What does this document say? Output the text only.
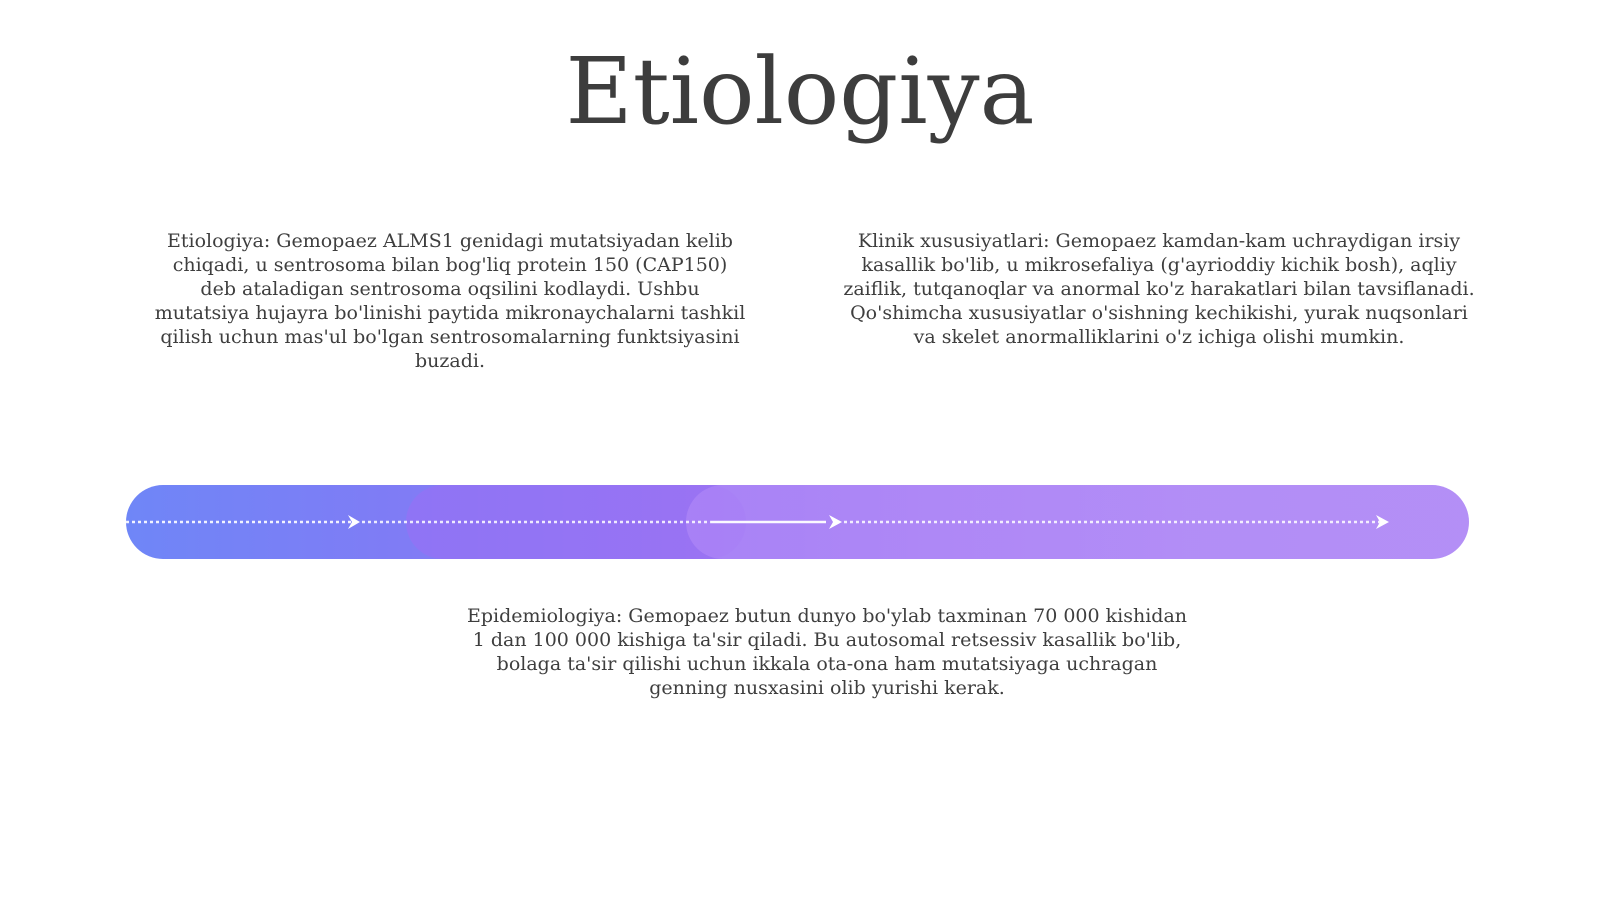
Etiologiya
Etiologiya: Gemopaez ALMS1 genidagi mutatsiyadan kelib chiqadi, u sentrosoma bilan bog'liq protein 150 (CAP150) deb ataladigan sentrosoma oqsilini kodlaydi. Ushbu mutatsiya hujayra bo'linishi paytida mikronaychalarni tashkil qilish uchun mas'ul bo'lgan sentrosomalarning funktsiyasini buzadi.
Klinik xususiyatlari: Gemopaez kamdan-kam uchraydigan irsiy kasallik bo'lib, u mikrosefaliya (g'ayrioddiy kichik bosh), aqliy zaiflik, tutqanoqlar va anormal ko'z harakatlari bilan tavsiflanadi. Qo'shimcha xususiyatlar o'sishning kechikishi, yurak nuqsonlari va skelet anormalliklarini o'z ichiga olishi mumkin.
Epidemiologiya: Gemopaez butun dunyo bo'ylab taxminan 70 000 kishidan 1 dan 100 000 kishiga ta'sir qiladi. Bu autosomal retsessiv kasallik bo'lib, bolaga ta'sir qilishi uchun ikkala ota-ona ham mutatsiyaga uchragan genning nusxasini olib yurishi kerak.
